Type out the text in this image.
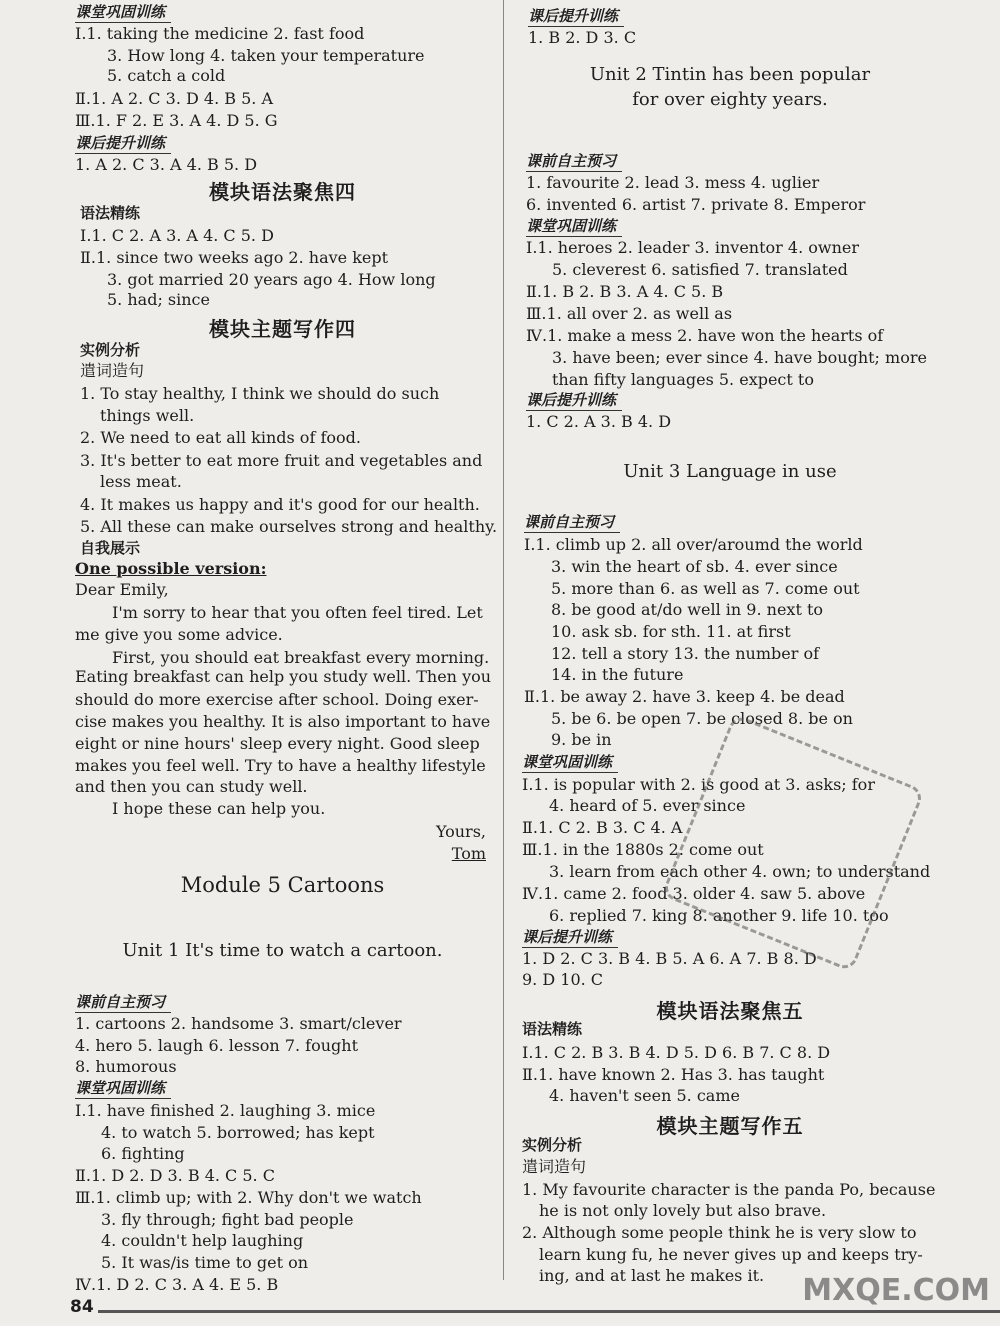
课堂巩固训练
Ⅰ.1. taking the medicine 2. fast food
3. How long 4. taken your temperature
5. catch a cold
Ⅱ.1. A 2. C 3. D 4. B 5. A
Ⅲ.1. F 2. E 3. A 4. D 5. G
课后提升训练
1. A 2. C 3. A 4. B 5. D
语法精练
Ⅰ.1. C 2. A 3. A 4. C 5. D
Ⅱ.1. since two weeks ago 2. have kept
3. got married 20 years ago 4. How long
5. had; since
实例分析
遣词造句
1. To stay healthy, I think we should do such
things well.
2. We need to eat all kinds of food.
3. It's better to eat more fruit and vegetables and
less meat.
4. It makes us happy and it's good for our health.
5. All these can make ourselves strong and healthy.
自我展示
One possible version:
Dear Emily,
I'm sorry to hear that you often feel tired. Let
me give you some advice.
First, you should eat breakfast every morning.
Eating breakfast can help you study well. Then you
should do more exercise after school. Doing exer-
cise makes you healthy. It is also important to have
eight or nine hours' sleep every night. Good sleep
makes you feel well. Try to have a healthy lifestyle
and then you can study well.
I hope these can help you.
课前自主预习
1. cartoons 2. handsome 3. smart/clever
4. hero 5. laugh 6. lesson 7. fought
8. humorous
课堂巩固训练
Ⅰ.1. have finished 2. laughing 3. mice
4. to watch 5. borrowed; has kept
6. fighting
Ⅱ.1. D 2. D 3. B 4. C 5. C
Ⅲ.1. climb up; with 2. Why don't we watch
3. fly through; fight bad people
4. couldn't help laughing
5. It was/is time to get on
Ⅳ.1. D 2. C 3. A 4. E 5. B
模块语法聚焦四
模块主题写作四
Yours,
Tom
Module 5 Cartoons
Unit 1 It's time to watch a cartoon.
课后提升训练
1. B 2. D 3. C
课前自主预习
1. favourite 2. lead 3. mess 4. uglier
6. invented 6. artist 7. private 8. Emperor
课堂巩固训练
Ⅰ.1. heroes 2. leader 3. inventor 4. owner
5. cleverest 6. satisfied 7. translated
Ⅱ.1. B 2. B 3. A 4. C 5. B
Ⅲ.1. all over 2. as well as
Ⅳ.1. make a mess 2. have won the hearts of
3. have been; ever since 4. have bought; more
than fifty languages 5. expect to
课后提升训练
1. C 2. A 3. B 4. D
课前自主预习
Ⅰ.1. climb up 2. all over/aroumd the world
3. win the heart of sb. 4. ever since
5. more than 6. as well as 7. come out
8. be good at/do well in 9. next to
10. ask sb. for sth. 11. at first
12. tell a story 13. the number of
14. in the future
Ⅱ.1. be away 2. have 3. keep 4. be dead
5. be 6. be open 7. be closed 8. be on
9. be in
课堂巩固训练
Ⅰ.1. is popular with 2. is good at 3. asks; for
4. heard of 5. ever since
Ⅱ.1. C 2. B 3. C 4. A
Ⅲ.1. in the 1880s 2. come out
3. learn from each other 4. own; to understand
Ⅳ.1. came 2. food 3. older 4. saw 5. above
6. replied 7. king 8. another 9. life 10. too
课后提升训练
1. D 2. C 3. B 4. B 5. A 6. A 7. B 8. D
9. D 10. C
语法精练
Ⅰ.1. C 2. B 3. B 4. D 5. D 6. B 7. C 8. D
Ⅱ.1. have known 2. Has 3. has taught
4. haven't seen 5. came
实例分析
遣词造句
1. My favourite character is the panda Po, because
he is not only lovely but also brave.
2. Although some people think he is very slow to
learn kung fu, he never gives up and keeps try-
ing, and at last he makes it.
模块语法聚焦五
模块主题写作五
Unit 2 Tintin has been popular
for over eighty years.
Unit 3 Language in use
84	MXQE.COM
